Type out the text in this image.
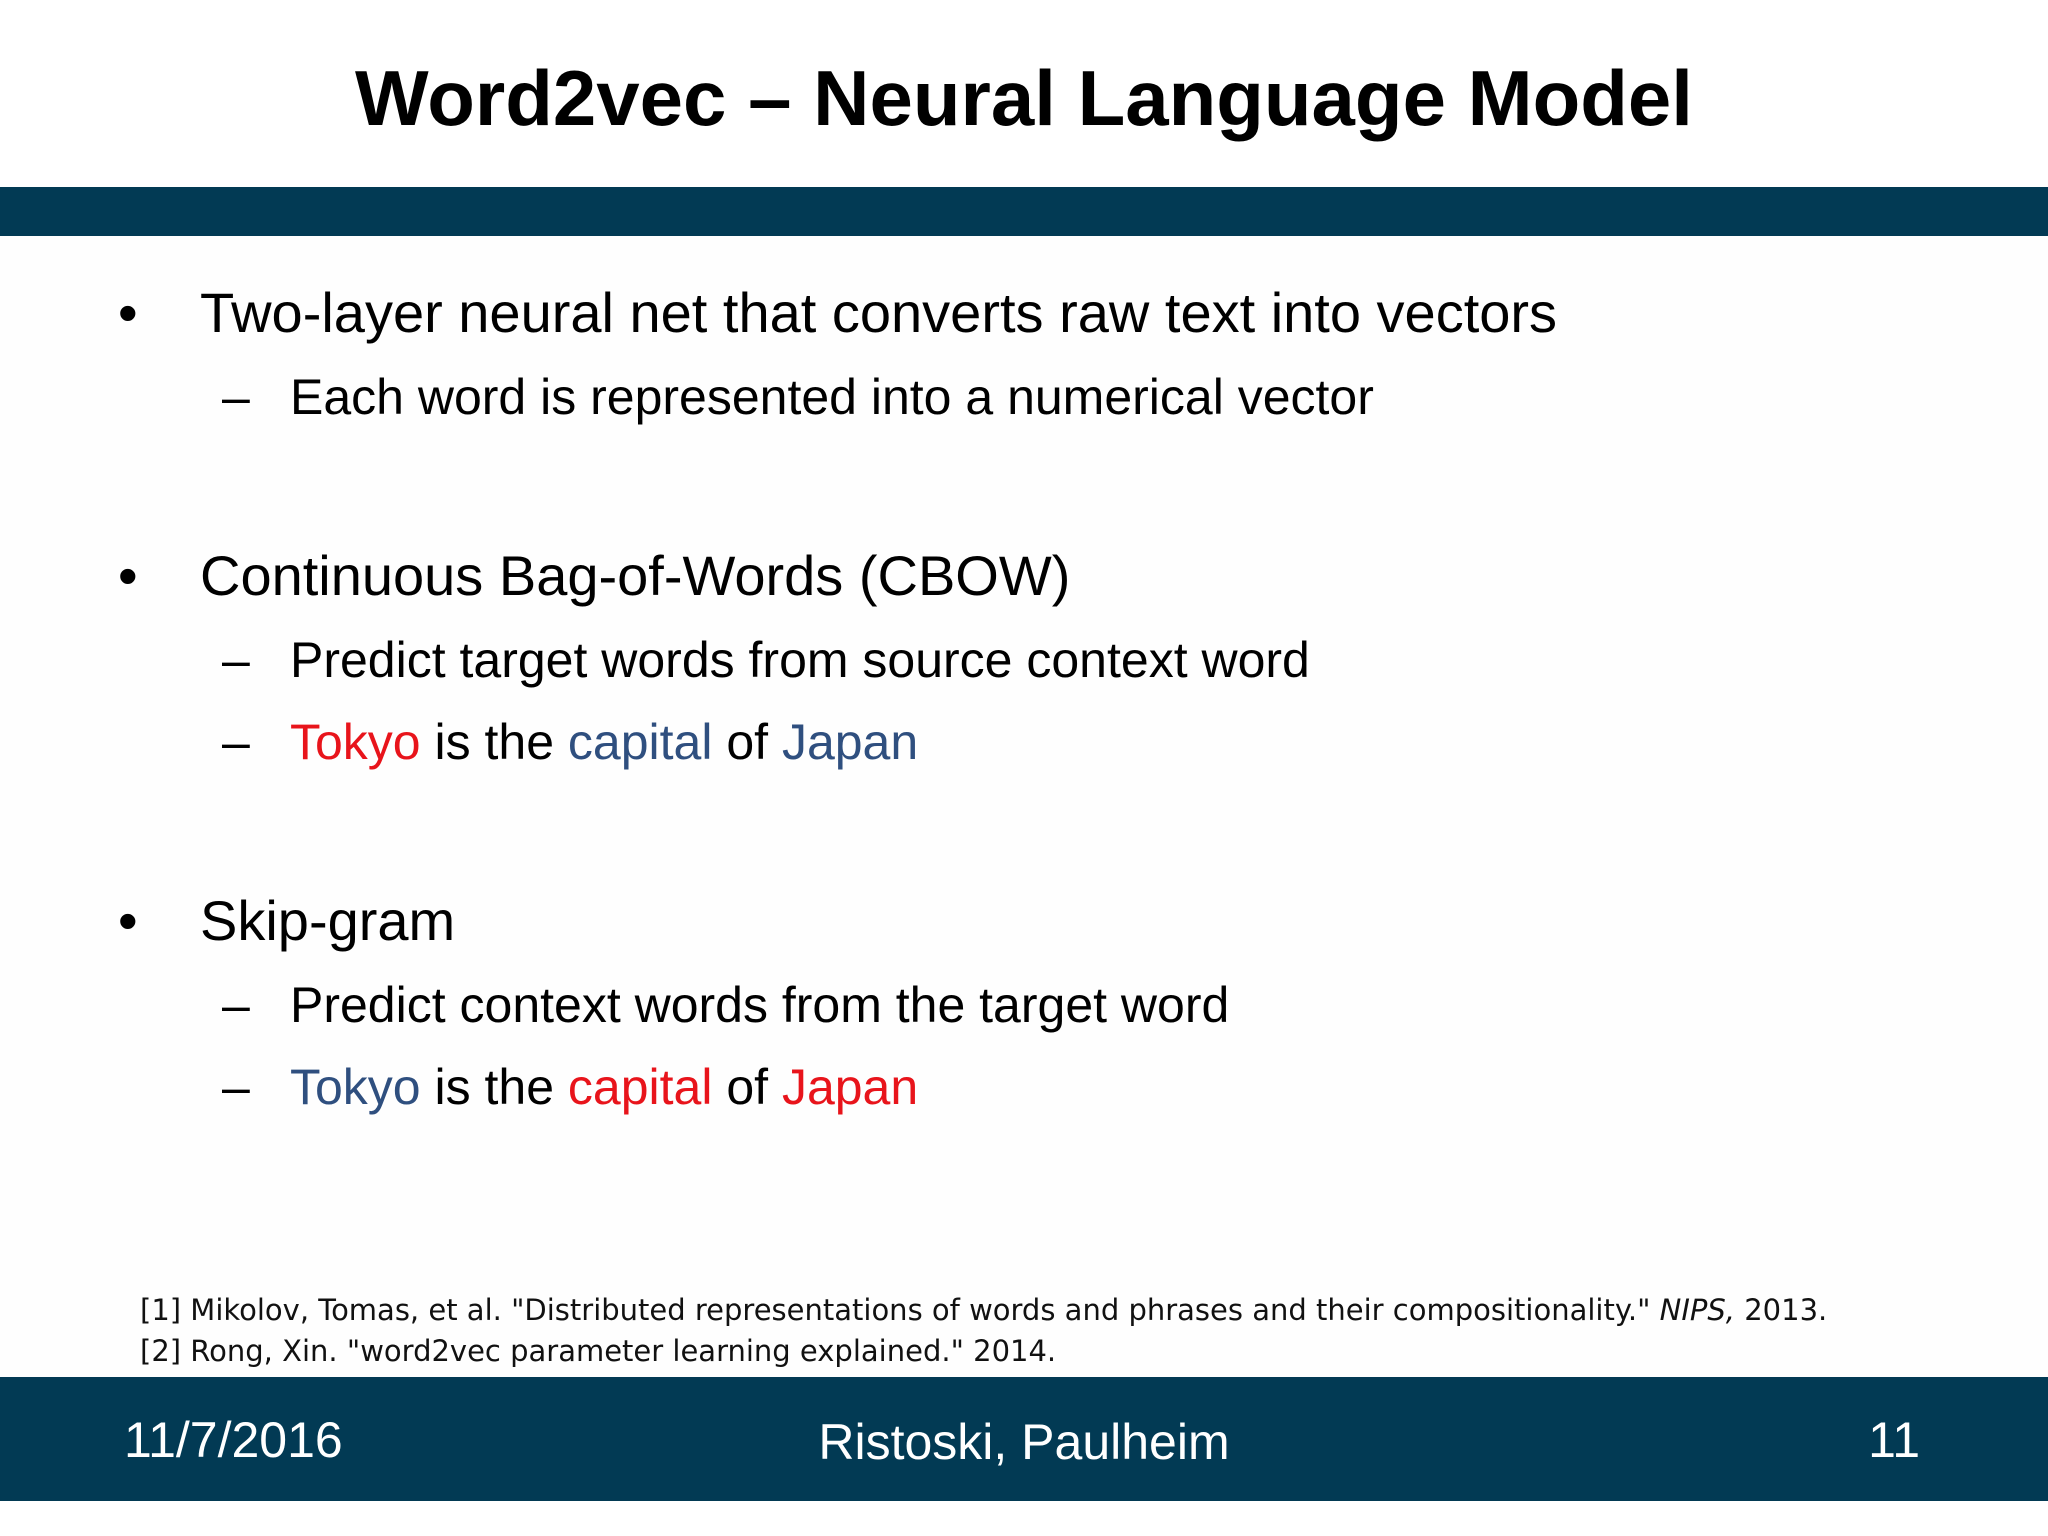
Word2vec – Neural Language Model
•	Two-layer neural net that converts raw text into vectors
– Each word is represented into a numerical vector
•	Continuous Bag-of-Words (CBOW)
– Predict target words from source context word
– Tokyo is the capital of Japan
•	Skip-gram
– Predict context words from the target word
– Tokyo is the capital of Japan
[1] Mikolov, Tomas, et al. "Distributed representations of words and phrases and their compositionality." NIPS, 2013.
[2] Rong, Xin. "word2vec parameter learning explained." 2014.
11/7/2016	Ristoski, Paulheim	11
